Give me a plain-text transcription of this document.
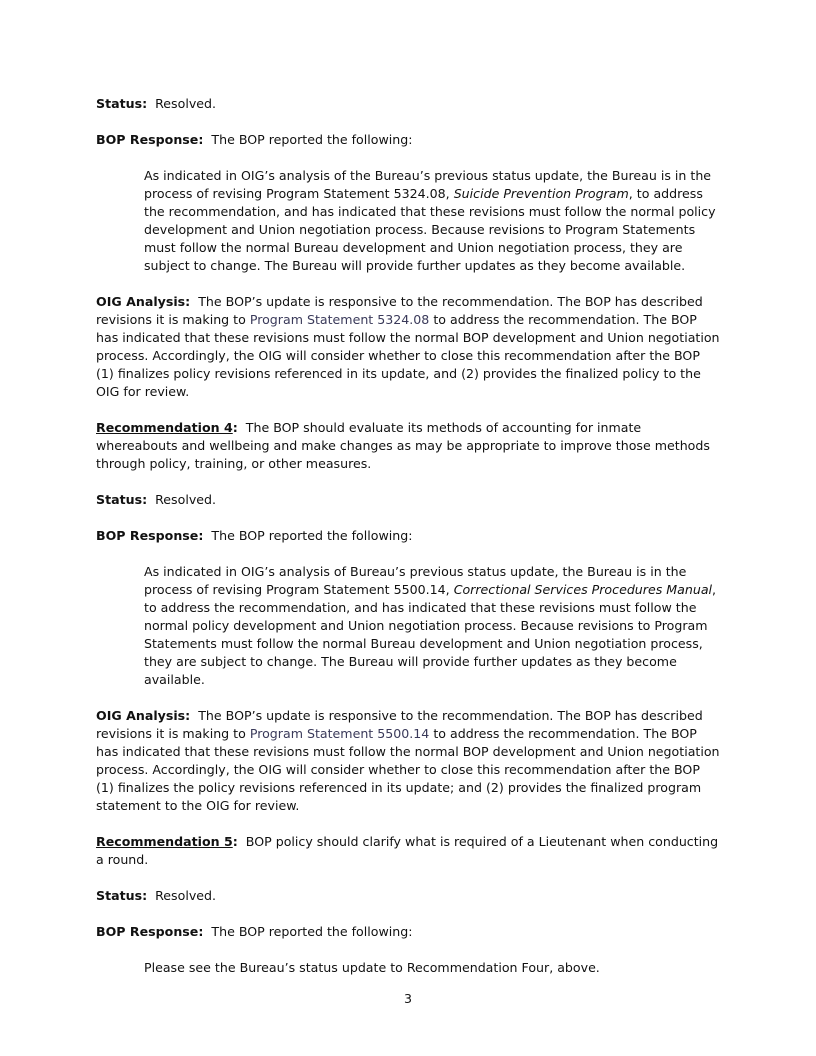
Status: Resolved.

BOP Response: The BOP reported the following:

As indicated in OIG’s analysis of the Bureau’s previous status update, the Bureau is in the process of revising Program Statement 5324.08, Suicide Prevention Program, to address the recommendation, and has indicated that these revisions must follow the normal policy development and Union negotiation process. Because revisions to Program Statements must follow the normal Bureau development and Union negotiation process, they are subject to change. The Bureau will provide further updates as they become available.

OIG Analysis: The BOP’s update is responsive to the recommendation. The BOP has described revisions it is making to Program Statement 5324.08 to address the recommendation. The BOP has indicated that these revisions must follow the normal BOP development and Union negotiation process. Accordingly, the OIG will consider whether to close this recommendation after the BOP (1) finalizes policy revisions referenced in its update, and (2) provides the finalized policy to the OIG for review.

Recommendation 4: The BOP should evaluate its methods of accounting for inmate whereabouts and wellbeing and make changes as may be appropriate to improve those methods through policy, training, or other measures.

Status: Resolved.

BOP Response: The BOP reported the following:

As indicated in OIG’s analysis of Bureau’s previous status update, the Bureau is in the process of revising Program Statement 5500.14, Correctional Services Procedures Manual, to address the recommendation, and has indicated that these revisions must follow the normal policy development and Union negotiation process. Because revisions to Program Statements must follow the normal Bureau development and Union negotiation process, they are subject to change. The Bureau will provide further updates as they become available.

OIG Analysis: The BOP’s update is responsive to the recommendation. The BOP has described revisions it is making to Program Statement 5500.14 to address the recommendation. The BOP has indicated that these revisions must follow the normal BOP development and Union negotiation process. Accordingly, the OIG will consider whether to close this recommendation after the BOP (1) finalizes the policy revisions referenced in its update; and (2) provides the finalized program statement to the OIG for review.

Recommendation 5: BOP policy should clarify what is required of a Lieutenant when conducting a round.

Status: Resolved.

BOP Response: The BOP reported the following:

Please see the Bureau’s status update to Recommendation Four, above.

3
